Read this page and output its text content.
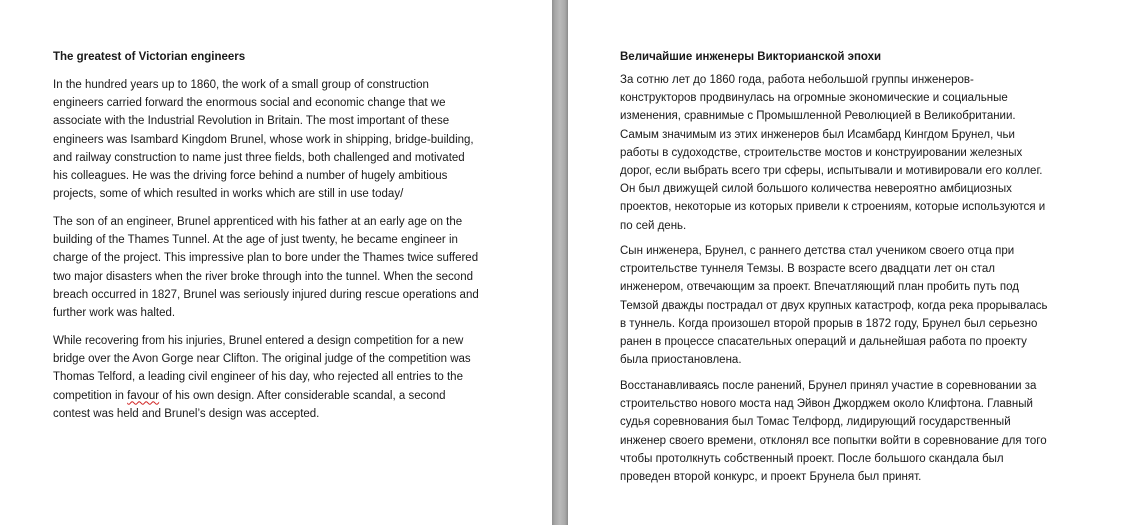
The greatest of Victorian engineers
In the hundred years up to 1860, the work of a small group of construction
engineers carried forward the enormous social and economic change that we
associate with the Industrial Revolution in Britain. The most important of these
engineers was Isambard Kingdom Brunel, whose work in shipping, bridge-building,
and railway construction to name just three fields, both challenged and motivated
his colleagues. He was the driving force behind a number of hugely ambitious
projects, some of which resulted in works which are still in use today/
The son of an engineer, Brunel apprenticed with his father at an early age on the
building of the Thames Tunnel. At the age of just twenty, he became engineer in
charge of the project. This impressive plan to bore under the Thames twice suffered
two major disasters when the river broke through into the tunnel. When the second
breach occurred in 1827, Brunel was seriously injured during rescue operations and
further work was halted.
While recovering from his injuries, Brunel entered a design competition for a new
bridge over the Avon Gorge near Clifton. The original judge of the competition was
Thomas Telford, a leading civil engineer of his day, who rejected all entries to the
competition in favour of his own design. After considerable scandal, a second
contest was held and Brunel’s design was accepted.
Величайшие инженеры Викторианской эпохи
За сотню лет до 1860 года, работа небольшой группы инженеров-
конструкторов продвинулась на огромные экономические и социальные
изменения, сравнимые с Промышленной Революцией в Великобритании.
Самым значимым из этих инженеров был Исамбард Кингдом Брунел, чьи
работы в судоходстве, строительстве мостов и конструировании железных
дорог, если выбрать всего три сферы, испытывали и мотивировали его коллег.
Он был движущей силой большого количества невероятно амбициозных
проектов, некоторые из которых привели к строениям, которые используются и
по сей день.
Сын инженера, Брунел, с раннего детства стал учеником своего отца при
строительстве туннеля Темзы. В возрасте всего двадцати лет он стал
инженером, отвечающим за проект. Впечатляющий план пробить путь под
Темзой дважды пострадал от двух крупных катастроф, когда река прорывалась
в туннель. Когда произошел второй прорыв в 1872 году, Брунел был серьезно
ранен в процессе спасательных операций и дальнейшая работа по проекту
была приостановлена.
Восстанавливаясь после ранений, Брунел принял участие в соревновании за
строительство нового моста над Эйвон Джорджем около Клифтона. Главный
судья соревнования был Томас Телфорд, лидирующий государственный
инженер своего времени, отклонял все попытки войти в соревнование для того
чтобы протолкнуть собственный проект. После большого скандала был
проведен второй конкурс, и проект Брунела был принят.
